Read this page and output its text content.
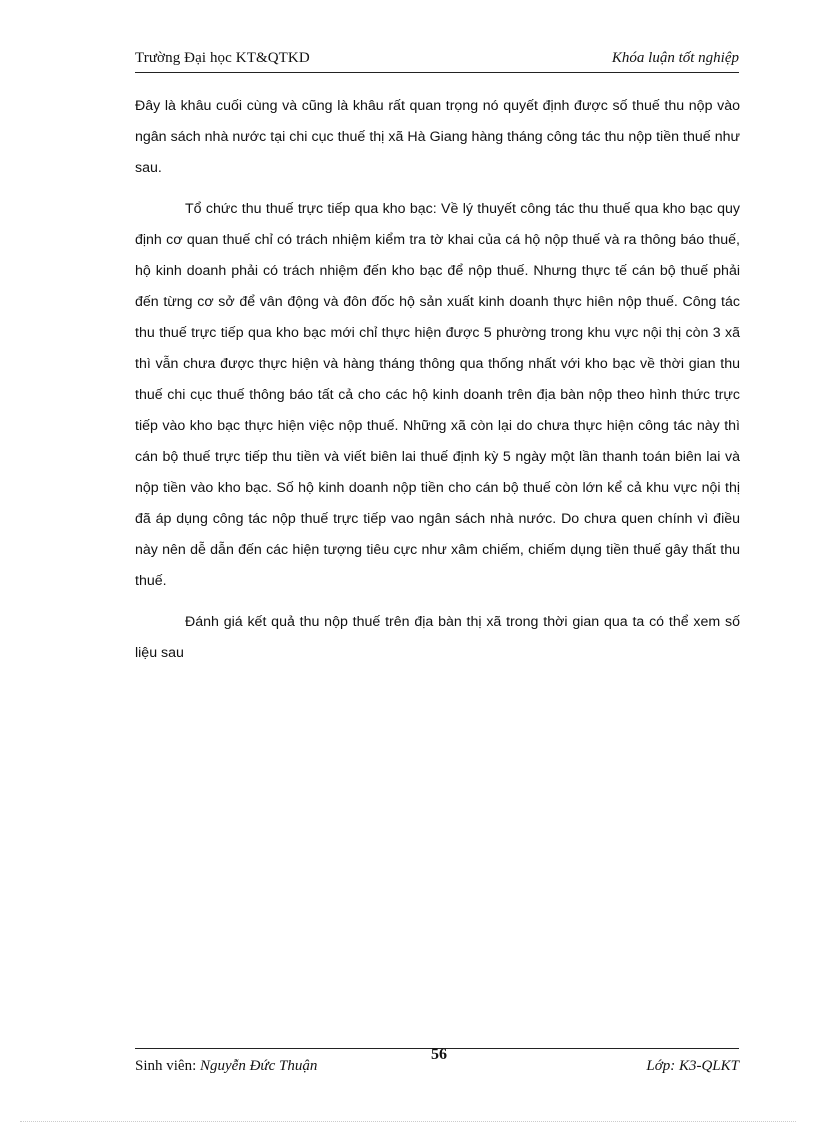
Trường Đại học KT&QTKD	Khóa luận tốt nghiệp

Đây là khâu cuối cùng và cũng là khâu rất quan trọng nó quyết định được số thuế thu nộp vào ngân sách nhà nước tại chi cục thuế thị xã Hà Giang hàng tháng công tác thu nộp tiền thuế như sau.

Tổ chức thu thuế trực tiếp qua kho bạc: Về lý thuyết công tác thu thuế qua kho bạc quy định cơ quan thuế chỉ có trách nhiệm kiểm tra tờ khai của cá hộ nộp thuế và ra thông báo thuế, hộ kinh doanh phải có trách nhiệm đến kho bạc để nộp thuế. Nhưng thực tế cán bộ thuế phải đến từng cơ sở để vân động và đôn đốc hộ sản xuất kinh doanh thực hiên nộp thuế. Công tác thu thuế trực tiếp qua kho bạc mới chỉ thực hiện được 5 phường trong khu vực nội thị còn 3 xã thì vẫn chưa được thực hiện và hàng tháng thông qua thống nhất với kho bạc về thời gian thu thuế chi cục thuế thông báo tất cả cho các hộ kinh doanh trên địa bàn nộp theo hình thức trực tiếp vào kho bạc thực hiện việc nộp thuế. Những xã còn lại do chưa thực hiện công tác này thì cán bộ thuế trực tiếp thu tiền và viết biên lai thuế định kỳ 5 ngày một lần thanh toán biên lai và nộp tiền vào kho bạc. Số hộ kinh doanh nộp tiền cho cán bộ thuế còn lớn kể cả khu vực nội thị đã áp dụng công tác nộp thuế trực tiếp vao ngân sách nhà nước. Do chưa quen chính vì điều này nên dễ dẫn đến các hiện tượng tiêu cực như xâm chiếm, chiếm dụng tiền thuế gây thất thu thuế.

Đánh giá kết quả thu nộp thuế trên địa bàn thị xã trong thời gian qua ta có thể xem số liệu sau

Sinh viên: Nguyễn Đức Thuận
56
Lớp: K3-QLKT
